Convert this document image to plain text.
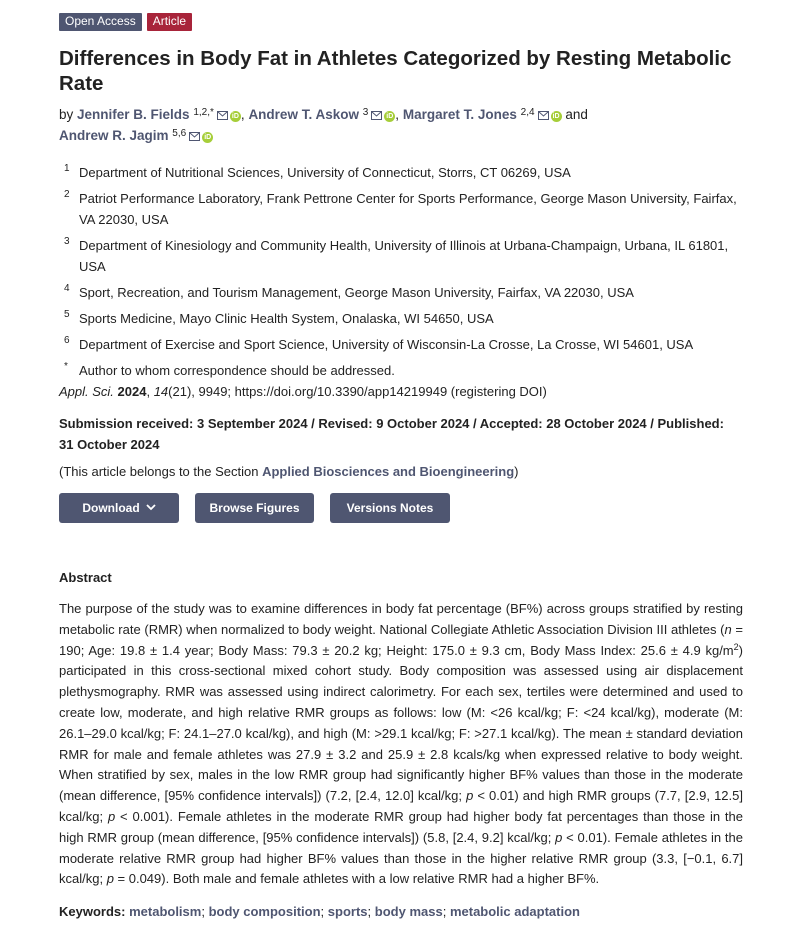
Open Access	Article
Differences in Body Fat in Athletes Categorized by Resting Metabolic Rate
by Jennifer B. Fields $^{1,2,*}$	iD , Andrew T. Askow $^3$	iD , Margaret T. Jones $^{2,4}$	iD and
Andrew R. Jagim $^{5,6}$	iD
1 Department of Nutritional Sciences, University of Connecticut, Storrs, CT 06269, USA
2 Patriot Performance Laboratory, Frank Pettrone Center for Sports Performance, George Mason University, Fairfax, VA 22030, USA
3 Department of Kinesiology and Community Health, University of Illinois at Urbana-Champaign, Urbana, IL 61801, USA
4 Sport, Recreation, and Tourism Management, George Mason University, Fairfax, VA 22030, USA
5 Sports Medicine, Mayo Clinic Health System, Onalaska, WI 54650, USA
6 Department of Exercise and Sport Science, University of Wisconsin-La Crosse, La Crosse, WI 54601, USA
* Author to whom correspondence should be addressed.
Appl. Sci. 2024, 14(21), 9949; https://doi.org/10.3390/app14219949 (registering DOI)
Submission received: 3 September 2024 / Revised: 9 October 2024 / Accepted: 28 October 2024 / Published: 31 October 2024
(This article belongs to the Section Applied Biosciences and Bioengineering)
Download	Browse Figures	Versions Notes
Abstract

The purpose of the study was to examine differences in body fat percentage (BF%) across groups stratified by resting metabolic rate (RMR) when normalized to body weight. National Collegiate Athletic Association Division III athletes (n = 190; Age: 19.8 ± 1.4 year; Body Mass: 79.3 ± 20.2 kg; Height: 175.0 ± 9.3 cm, Body Mass Index: 25.6 ± 4.9 $kg/m^2$) participated in this cross-sectional mixed cohort study. Body composition was assessed using air displacement plethysmography. RMR was assessed using indirect calorimetry. For each sex, tertiles were determined and used to create low, moderate, and high relative RMR groups as follows: low (M: <26 kcal/kg; F: <24 kcal/kg), moderate (M: 26.1–29.0 kcal/kg; F: 24.1–27.0 kcal/kg), and high (M: >29.1 kcal/kg; F: >27.1 kcal/kg). The mean ± standard deviation RMR for male and female athletes was 27.9 ± 3.2 and 25.9 ± 2.8 kcals/kg when expressed relative to body weight. When stratified by sex, males in the low RMR group had significantly higher BF% values than those in the moderate (mean difference, [95% confidence intervals]) (7.2, [2.4, 12.0] kcal/kg; p < 0.01) and high RMR groups (7.7, [2.9, 12.5] kcal/kg; p < 0.001). Female athletes in the moderate RMR group had higher body fat percentages than those in the high RMR group (mean difference, [95% confidence intervals]) (5.8, [2.4, 9.2] kcal/kg; p < 0.01). Female athletes in the moderate relative RMR group had higher BF% values than those in the higher relative RMR group (3.3, [−0.1, 6.7] kcal/kg; p = 0.049). Both male and female athletes with a low relative RMR had a higher BF%.

Keywords: metabolism; body composition; sports; body mass; metabolic adaptation
